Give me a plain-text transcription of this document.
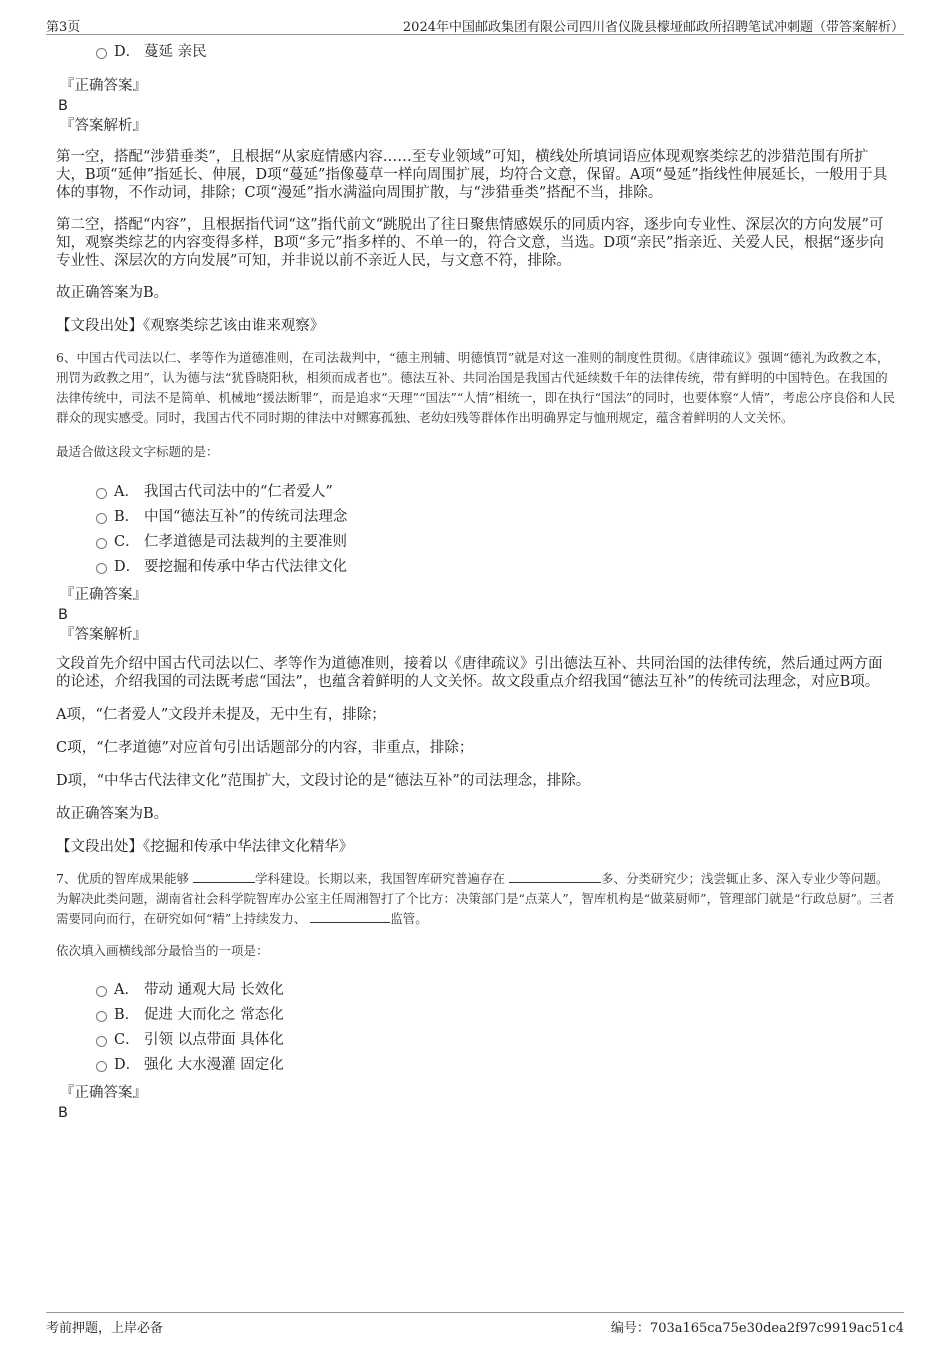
第3页	2024年中国邮政集团有限公司四川省仪陇县檬垭邮政所招聘笔试冲刺题（带答案解析）
D． 蔓延 亲民
『正确答案』
B
『答案解析』

第一空，搭配“涉猎垂类”，且根据“从家庭情感内容……至专业领域”可知，横线处所填词语应体现观察类综艺的涉猎范围有所扩大，B项“延伸”指延长、伸展，D项“蔓延”指像蔓草一样向周围扩展，均符合文意，保留。A项“曼延”指线性伸展延长，一般用于具体的事物，不作动词，排除；C项“漫延”指水满溢向周围扩散，与“涉猎垂类”搭配不当，排除。

第二空，搭配“内容”，且根据指代词“这”指代前文“跳脱出了往日聚焦情感娱乐的同质内容，逐步向专业性、深层次的方向发展”可知，观察类综艺的内容变得多样，B项“多元”指多样的、不单一的，符合文意，当选。D项“亲民”指亲近、关爱人民，根据“逐步向专业性、深层次的方向发展”可知，并非说以前不亲近人民，与文意不符，排除。

故正确答案为B。

【文段出处】《观察类综艺该由谁来观察》

6、中国古代司法以仁、孝等作为道德准则，在司法裁判中，“德主刑辅、明德慎罚”就是对这一准则的制度性贯彻。《唐律疏议》强调“德礼为政教之本，刑罚为政教之用”，认为德与法“犹昏晓阳秋，相须而成者也”。德法互补、共同治国是我国古代延续数千年的法律传统，带有鲜明的中国特色。在我国的法律传统中，司法不是简单、机械地“援法断罪”，而是追求“天理”“国法”“人情”相统一，即在执行“国法”的同时，也要体察“人情”，考虑公序良俗和人民群众的现实感受。同时，我国古代不同时期的律法中对鳏寡孤独、老幼妇残等群体作出明确界定与恤刑规定，蕴含着鲜明的人文关怀。

最适合做这段文字标题的是：

A． 我国古代司法中的“仁者爱人”
B． 中国“德法互补”的传统司法理念
C． 仁孝道德是司法裁判的主要准则
D． 要挖掘和传承中华古代法律文化
『正确答案』
B
『答案解析』

文段首先介绍中国古代司法以仁、孝等作为道德准则，接着以《唐律疏议》引出德法互补、共同治国的法律传统，然后通过两方面的论述，介绍我国的司法既考虑“国法”，也蕴含着鲜明的人文关怀。故文段重点介绍我国“德法互补”的传统司法理念，对应B项。

A项，“仁者爱人”文段并未提及，无中生有，排除；

C项，“仁孝道德”对应首句引出话题部分的内容，非重点，排除；

D项，“中华古代法律文化”范围扩大，文段讨论的是“德法互补”的司法理念，排除。

故正确答案为B。

【文段出处】《挖掘和传承中华法律文化精华》

7、优质的智库成果能够	学科建设。长期以来，我国智库研究普遍存在	多、分类研究少；浅尝辄止多、深入专业少等问题。为解决此类问题，湖南省社会科学院智库办公室主任周湘智打了个比方：决策部门是“点菜人”，智库机构是“做菜厨师”，管理部门就是“行政总厨”。三者需要同向而行，在研究如何“精”上持续发力、	监管。

依次填入画横线部分最恰当的一项是：

A． 带动 通观大局 长效化
B． 促进 大而化之 常态化
C． 引领 以点带面 具体化
D． 强化 大水漫灌 固定化
『正确答案』
B
考前押题，上岸必备	编号：703a165ca75e30dea2f97c9919ac51c4
